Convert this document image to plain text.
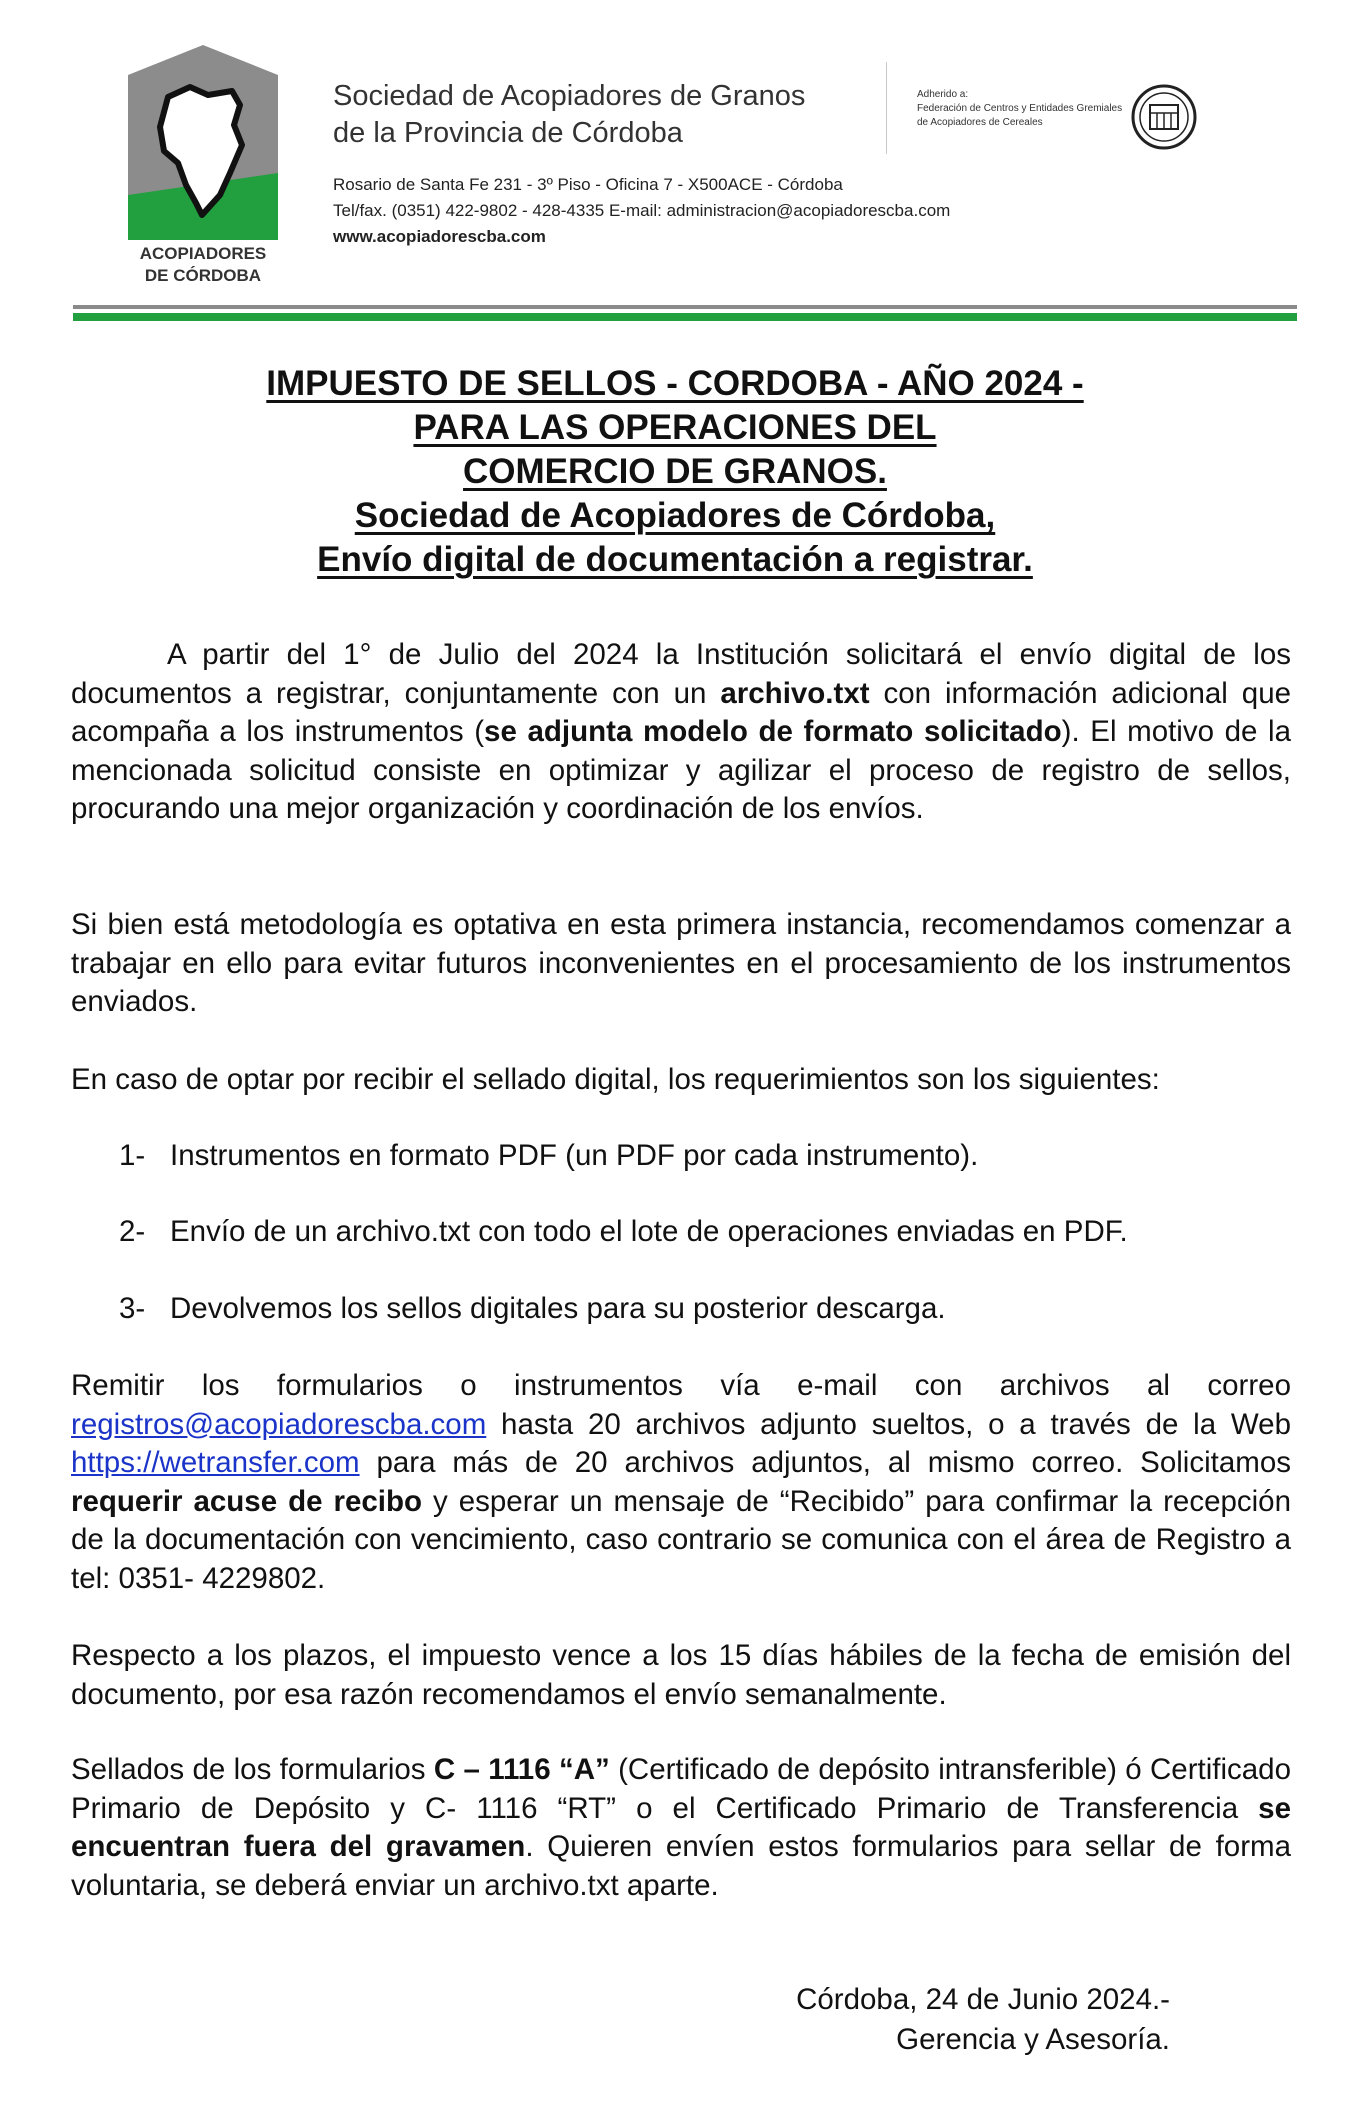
ACOPIADORES
DE CÓRDOBA
Sociedad de Acopiadores de Granos
de la Provincia de Córdoba
Rosario de Santa Fe 231 - 3º Piso - Oficina 7 - X500ACE - Córdoba
Tel/fax. (0351) 422-9802 - 428-4335 E-mail: administracion@acopiadorescba.com
www.acopiadorescba.com
Adherido a:
Federación de Centros y Entidades Gremiales
de Acopiadores de Cereales
IMPUESTO DE SELLOS - CORDOBA - AÑO 2024 -
PARA LAS OPERACIONES DEL
COMERCIO DE GRANOS.
Sociedad de Acopiadores de Córdoba,
Envío digital de documentación a registrar.
A partir del 1° de Julio del 2024 la Institución solicitará el envío digital de los documentos a registrar, conjuntamente con un archivo.txt con información adicional que acompaña a los instrumentos (se adjunta modelo de formato solicitado). El motivo de la mencionada solicitud consiste en optimizar y agilizar el proceso de registro de sellos, procurando una mejor organización y coordinación de los envíos.
Si bien está metodología es optativa en esta primera instancia, recomendamos comenzar a trabajar en ello para evitar futuros inconvenientes en el procesamiento de los instrumentos enviados.
En caso de optar por recibir el sellado digital, los requerimientos son los siguientes:
1- Instrumentos en formato PDF (un PDF por cada instrumento).
2- Envío de un archivo.txt con todo el lote de operaciones enviadas en PDF.
3- Devolvemos los sellos digitales para su posterior descarga.
Remitir los formularios o instrumentos vía e-mail con archivos al correo registros@acopiadorescba.com hasta 20 archivos adjunto sueltos, o a través de la Web https://wetransfer.com para más de 20 archivos adjuntos, al mismo correo. Solicitamos requerir acuse de recibo y esperar un mensaje de “Recibido” para confirmar la recepción de la documentación con vencimiento, caso contrario se comunica con el área de Registro a tel: 0351- 4229802.
Respecto a los plazos, el impuesto vence a los 15 días hábiles de la fecha de emisión del documento, por esa razón recomendamos el envío semanalmente.
Sellados de los formularios C – 1116 “A” (Certificado de depósito intransferible) ó Certificado Primario de Depósito y C- 1116 “RT” o el Certificado Primario de Transferencia se encuentran fuera del gravamen. Quieren envíen estos formularios para sellar de forma voluntaria, se deberá enviar un archivo.txt aparte.
Córdoba, 24 de Junio 2024.-
Gerencia y Asesoría.
